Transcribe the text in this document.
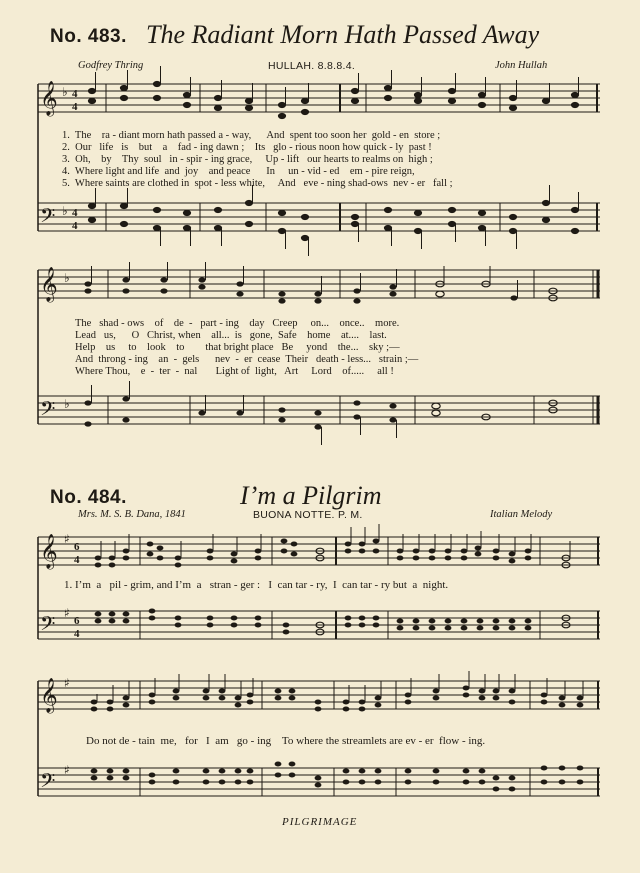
No. 483. The Radiant Morn Hath Passed Away
Godfrey Thring	HULLAH. 8.8.8.4.	John Hullah
𝄞
𝄢
♭
♭
4
4
4
4
𝄞
𝄢
♭
♭
𝄞
𝄢
𝄞
𝄢
♯
♯
♯
♯
6
4
6
4
1.  The    ra - diant morn hath passed a - way,      And  spent too soon her  gold - en  store ;
2.  Our   life   is    but    a    fad - ing dawn ;    Its   glo - rious noon how quick - ly  past !
3.  Oh,    by    Thy  soul   in - spir - ing grace,     Up - lift   our hearts to realms on  high ;
4.  Where light and life  and  joy    and peace      In     un - vid - ed    em - pire reign,
5.  Where saints are clothed in  spot - less white,     And   eve - ning shad-ows  nev - er   fall ;
The   shad - ows    of    de  -   part - ing    day   Creep     on...    once..    more.
Lead   us,      O   Christ, when    all...  is   gone,  Safe    home    at....    last.
Help    us     to    look    to        that bright place   Be     yond    the...    sky ;—
And  throng - ing    an  -  gels      nev  -  er  cease  Their   death - less...   strain ;—
Where Thou,    e  -  ter  -  nal       Light of  light,   Art     Lord    of.....     all !
No. 484.	I’m a Pilgrim
Mrs. M. S. B. Dana, 1841	BUONA NOTTE. P. M.	Italian Melody
1. I’m  a   pil - grim, and I’m  a   stran - ger :   I  can tar - ry,  I  can tar - ry but  a  night.
Do not de - tain  me,   for   I  am   go - ing    To where the streamlets are ev - er  flow - ing.
PILGRIMAGE
